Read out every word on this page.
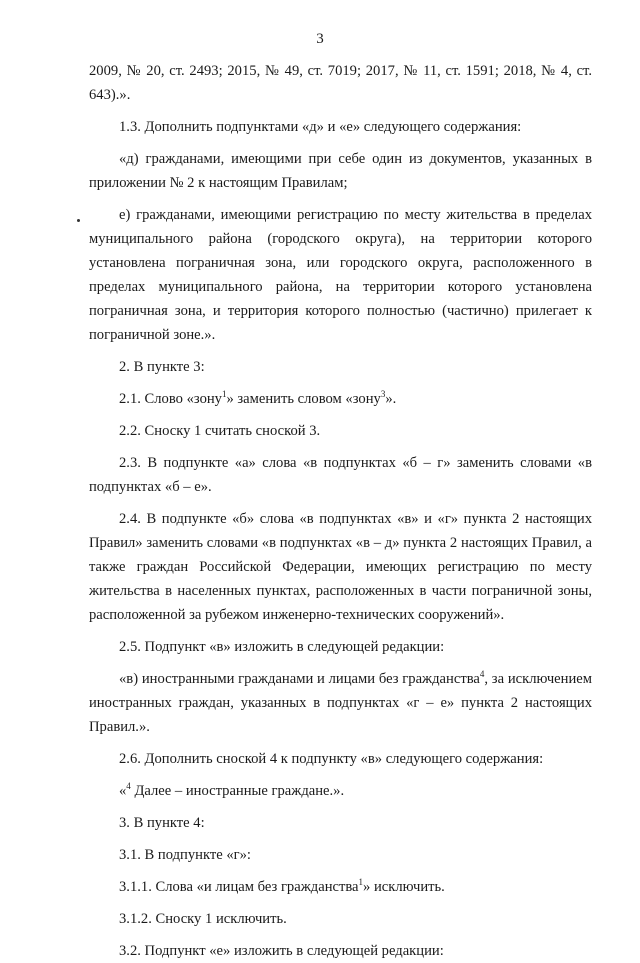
3

2009, № 20, ст. 2493; 2015, № 49, ст. 7019; 2017, № 11, ст. 1591; 2018, № 4, ст. 643).».

1.3. Дополнить подпунктами «д» и «е» следующего содержания:

«д) гражданами, имеющими при себе один из документов, указанных в приложении № 2 к настоящим Правилам;

е) гражданами, имеющими регистрацию по месту жительства в пределах муниципального района (городского округа), на территории которого установлена пограничная зона, или городского округа, расположенного в пределах муниципального района, на территории которого установлена пограничная зона, и территория которого полностью (частично) прилегает к пограничной зоне.».

2. В пункте 3:

2.1. Слово «зону$^1$» заменить словом «зону$^3$».

2.2. Сноску 1 считать сноской 3.

2.3. В подпункте «а» слова «в подпунктах «б – г» заменить словами «в подпунктах «б – е».

2.4. В подпункте «б» слова «в подпунктах «в» и «г» пункта 2 настоящих Правил» заменить словами «в подпунктах «в – д» пункта 2 настоящих Правил, а также граждан Российской Федерации, имеющих регистрацию по месту жительства в населенных пунктах, расположенных в части пограничной зоны, расположенной за рубежом инженерно-технических сооружений».

2.5. Подпункт «в» изложить в следующей редакции:

«в) иностранными гражданами и лицами без гражданства$^4$, за исключением иностранных граждан, указанных в подпунктах «г – е» пункта 2 настоящих Правил.».

2.6. Дополнить сноской 4 к подпункту «в» следующего содержания:

«$^4$ Далее – иностранные граждане.».

3. В пункте 4:

3.1. В подпункте «г»:

3.1.1. Слова «и лицам без гражданства$^1$» исключить.

3.1.2. Сноску 1 исключить.

3.2. Подпункт «е» изложить в следующей редакции:
